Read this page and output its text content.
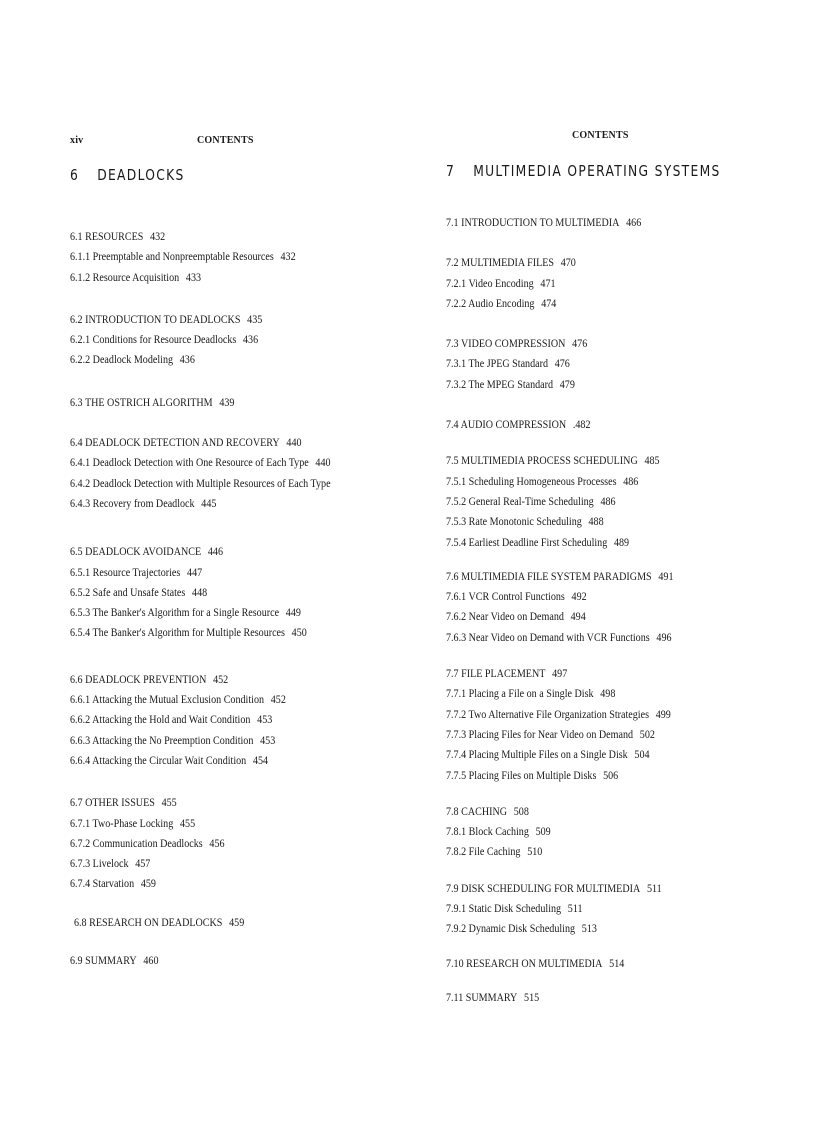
xiv	CONTENTS
6 DEADLOCKS
6.1 RESOURCES 432
6.1.1 Preemptable and Nonpreemptable Resources 432
6.1.2 Resource Acquisition 433
6.2 INTRODUCTION TO DEADLOCKS 435
6.2.1 Conditions for Resource Deadlocks 436
6.2.2 Deadlock Modeling 436
6.3 THE OSTRICH ALGORITHM 439
6.4 DEADLOCK DETECTION AND RECOVERY 440
6.4.1 Deadlock Detection with One Resource of Each Type 440
6.4.2 Deadlock Detection with Multiple Resources of Each Type
6.4.3 Recovery from Deadlock 445
6.5 DEADLOCK AVOIDANCE 446
6.5.1 Resource Trajectories 447
6.5.2 Safe and Unsafe States 448
6.5.3 The Banker's Algorithm for a Single Resource 449
6.5.4 The Banker's Algorithm for Multiple Resources 450
6.6 DEADLOCK PREVENTION 452
6.6.1 Attacking the Mutual Exclusion Condition 452
6.6.2 Attacking the Hold and Wait Condition 453
6.6.3 Attacking the No Preemption Condition 453
6.6.4 Attacking the Circular Wait Condition 454
6.7 OTHER ISSUES 455
6.7.1 Two-Phase Locking 455
6.7.2 Communication Deadlocks 456
6.7.3 Livelock 457
6.7.4 Starvation 459
6.8 RESEARCH ON DEADLOCKS 459
6.9 SUMMARY 460
CONTENTS
7 MULTIMEDIA OPERATING SYSTEMS
7.1 INTRODUCTION TO MULTIMEDIA 466
7.2 MULTIMEDIA FILES 470
7.2.1 Video Encoding 471
7.2.2 Audio Encoding 474
7.3 VIDEO COMPRESSION 476
7.3.1 The JPEG Standard 476
7.3.2 The MPEG Standard 479
7.4 AUDIO COMPRESSION .482
7.5 MULTIMEDIA PROCESS SCHEDULING 485
7.5.1 Scheduling Homogeneous Processes 486
7.5.2 General Real-Time Scheduling 486
7.5.3 Rate Monotonic Scheduling 488
7.5.4 Earliest Deadline First Scheduling 489
7.6 MULTIMEDIA FILE SYSTEM PARADIGMS 491
7.6.1 VCR Control Functions 492
7.6.2 Near Video on Demand 494
7.6.3 Near Video on Demand with VCR Functions 496
7.7 FILE PLACEMENT 497
7.7.1 Placing a File on a Single Disk 498
7.7.2 Two Alternative File Organization Strategies 499
7.7.3 Placing Files for Near Video on Demand 502
7.7.4 Placing Multiple Files on a Single Disk 504
7.7.5 Placing Files on Multiple Disks 506
7.8 CACHING 508
7.8.1 Block Caching 509
7.8.2 File Caching 510
7.9 DISK SCHEDULING FOR MULTIMEDIA 511
7.9.1 Static Disk Scheduling 511
7.9.2 Dynamic Disk Scheduling 513
7.10 RESEARCH ON MULTIMEDIA 514
7.11 SUMMARY 515
